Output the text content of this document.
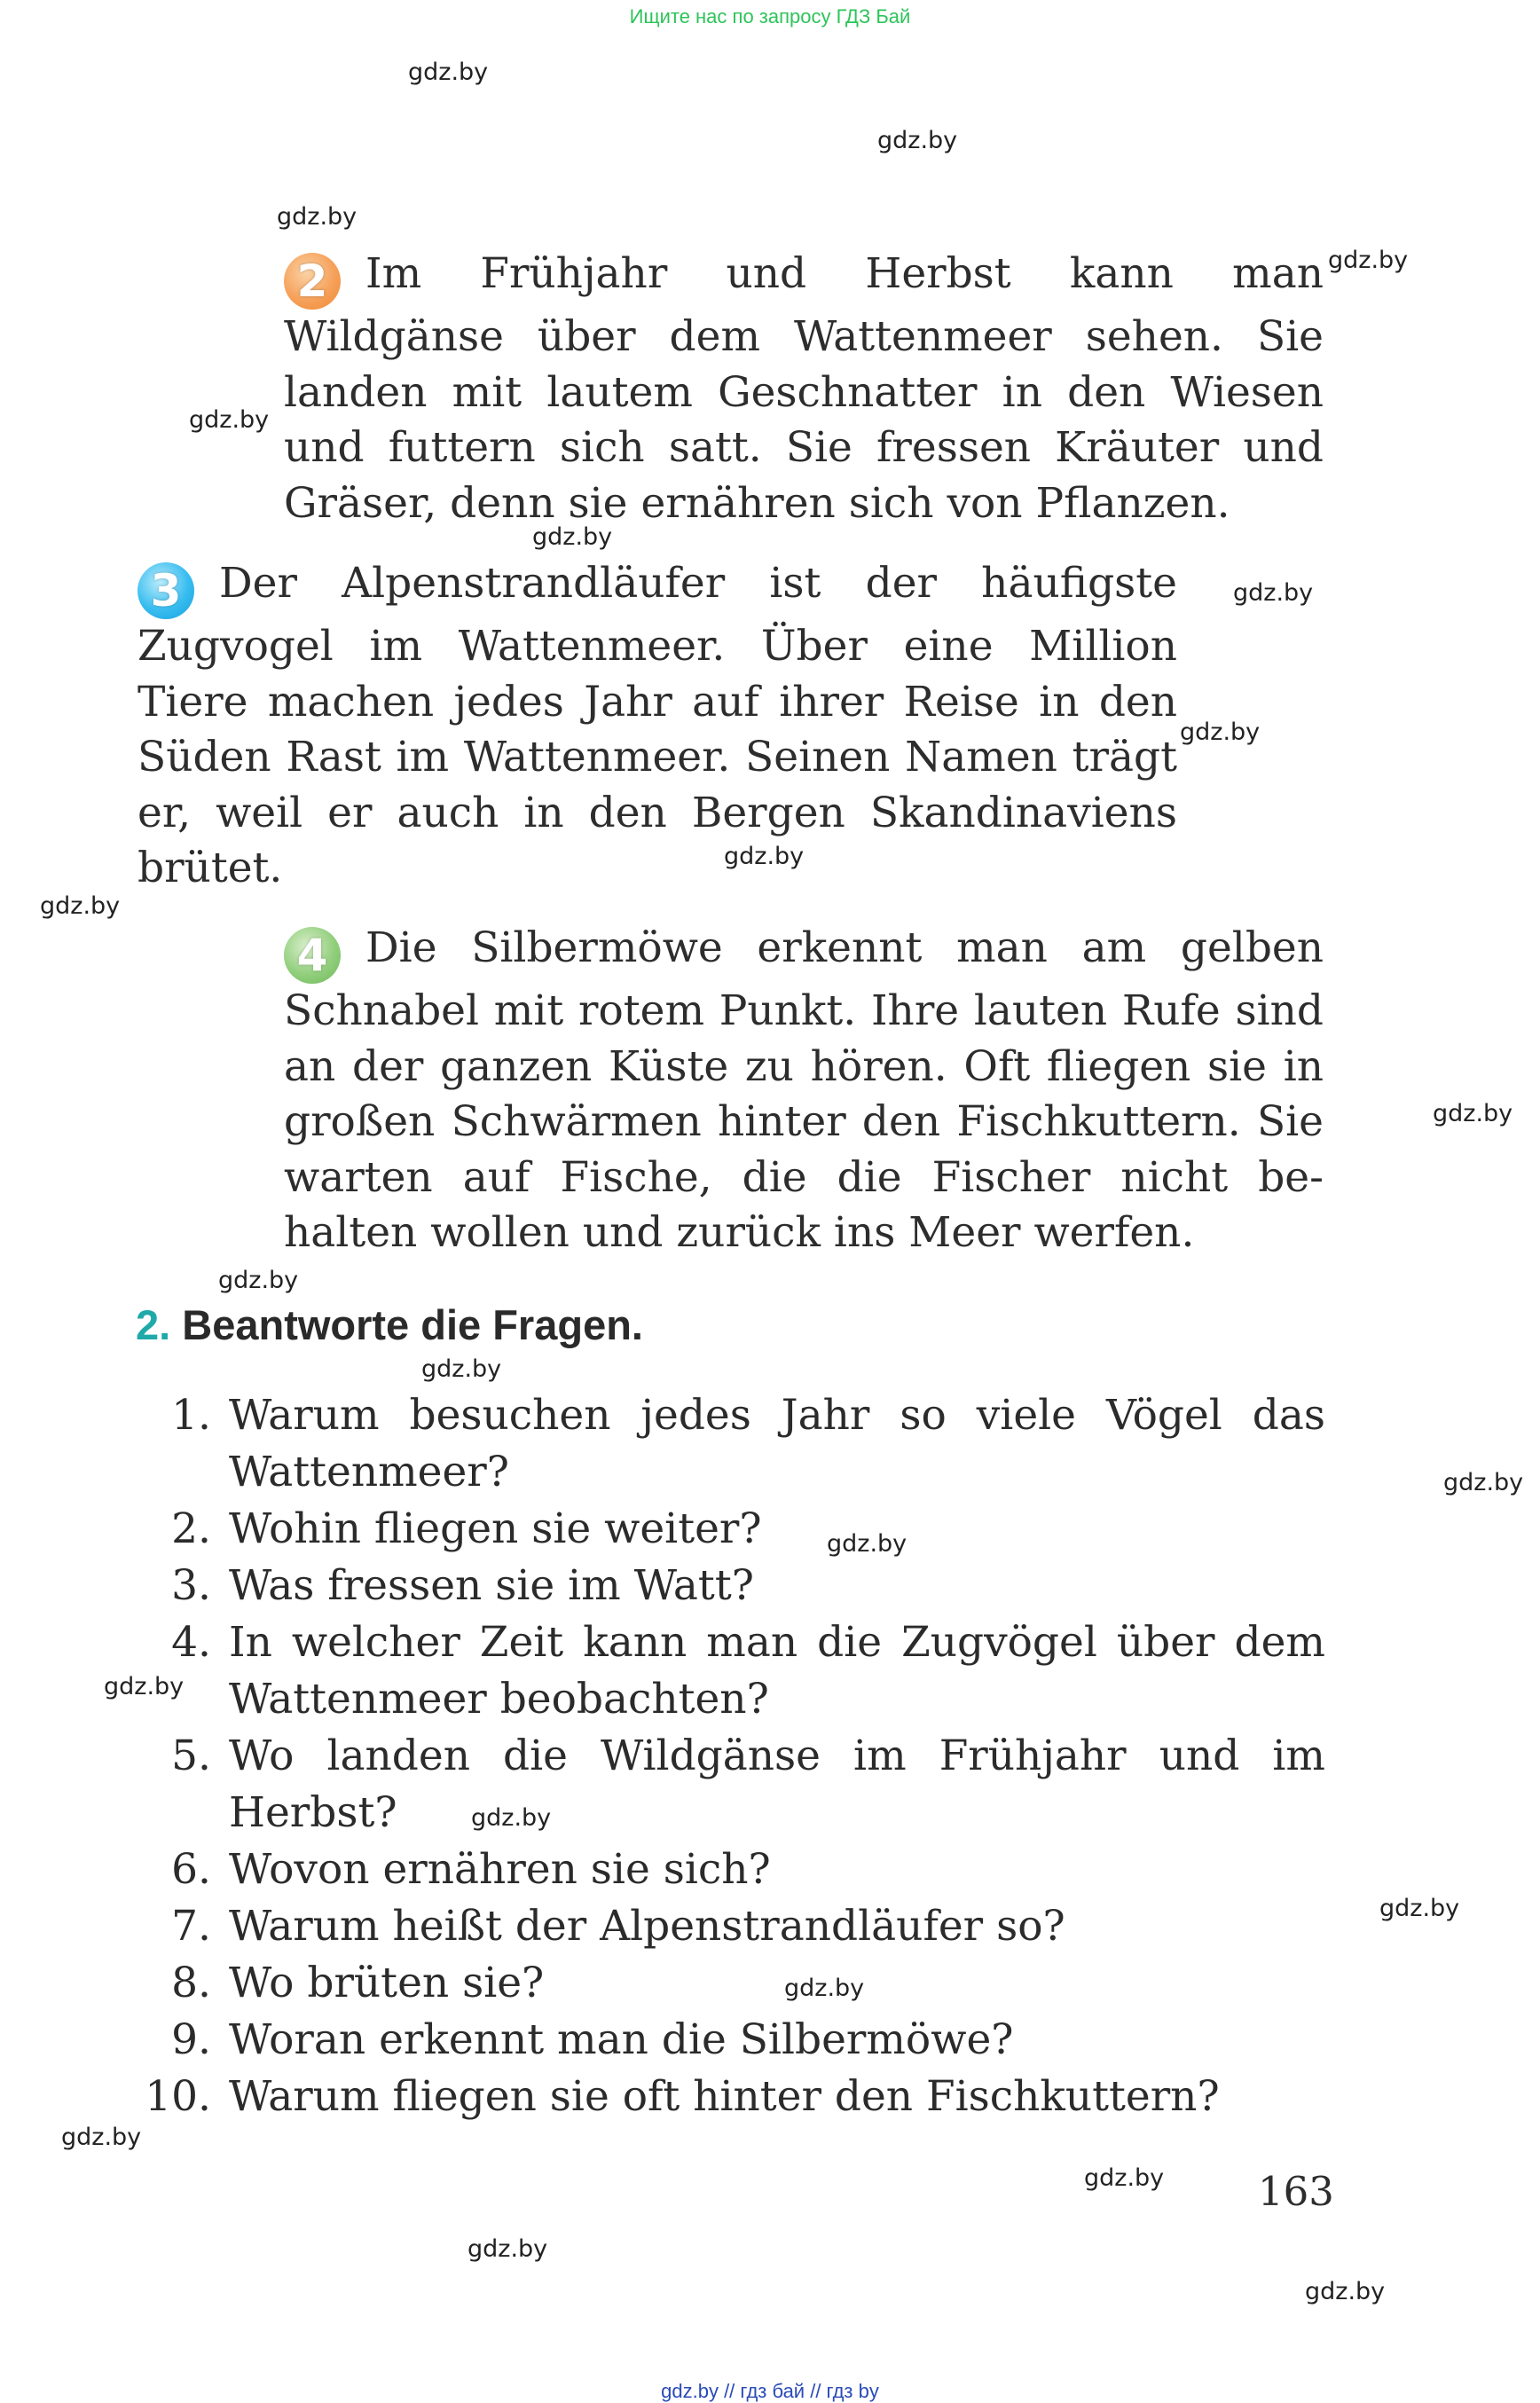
Ищите нас по запросу ГДЗ Бай
gdz.by
gdz.by
gdz.by
gdz.by
gdz.by
gdz.by
gdz.by
gdz.by
gdz.by
gdz.by
gdz.by
gdz.by
gdz.by
gdz.by
gdz.by
gdz.by
gdz.by
gdz.by
gdz.by
gdz.by
gdz.by
gdz.by
gdz.by
2 Im Frühjahr und Herbst kann man Wildgänse über dem Wattenmeer sehen. Sie landen mit lautem Geschnatter in den Wiesen und futtern sich satt. Sie fressen Kräuter und Gräser, denn sie ernähren sich von Pflanzen.
3 Der Alpenstrandläufer ist der häufigste Zugvogel im Wattenmeer. Über eine Million Tiere machen jedes Jahr auf ihrer Reise in den Süden Rast im Wattenmeer. Seinen Namen trägt er, weil er auch in den Bergen Skandinaviens brütet.
4 Die Silbermöwe erkennt man am gelben Schnabel mit rotem Punkt. Ihre lauten Rufe sind an der ganzen Küste zu hören. Oft fliegen sie in großen Schwärmen hinter den Fischkuttern. Sie warten auf Fische, die die Fischer nicht behalten wollen und zurück ins Meer werfen.
2. Beantworte die Fragen.
1. Warum besuchen jedes Jahr so viele Vögel das Wattenmeer?
2. Wohin fliegen sie weiter?
3. Was fressen sie im Watt?
4. In welcher Zeit kann man die Zugvögel über dem Wattenmeer beobachten?
5. Wo landen die Wildgänse im Frühjahr und im Herbst?
6. Wovon ernähren sie sich?
7. Warum heißt der Alpenstrandläufer so?
8. Wo brüten sie?
9. Woran erkennt man die Silbermöwe?
10. Warum fliegen sie oft hinter den Fischkuttern?
163
gdz.by // гдз бай // гдз by
